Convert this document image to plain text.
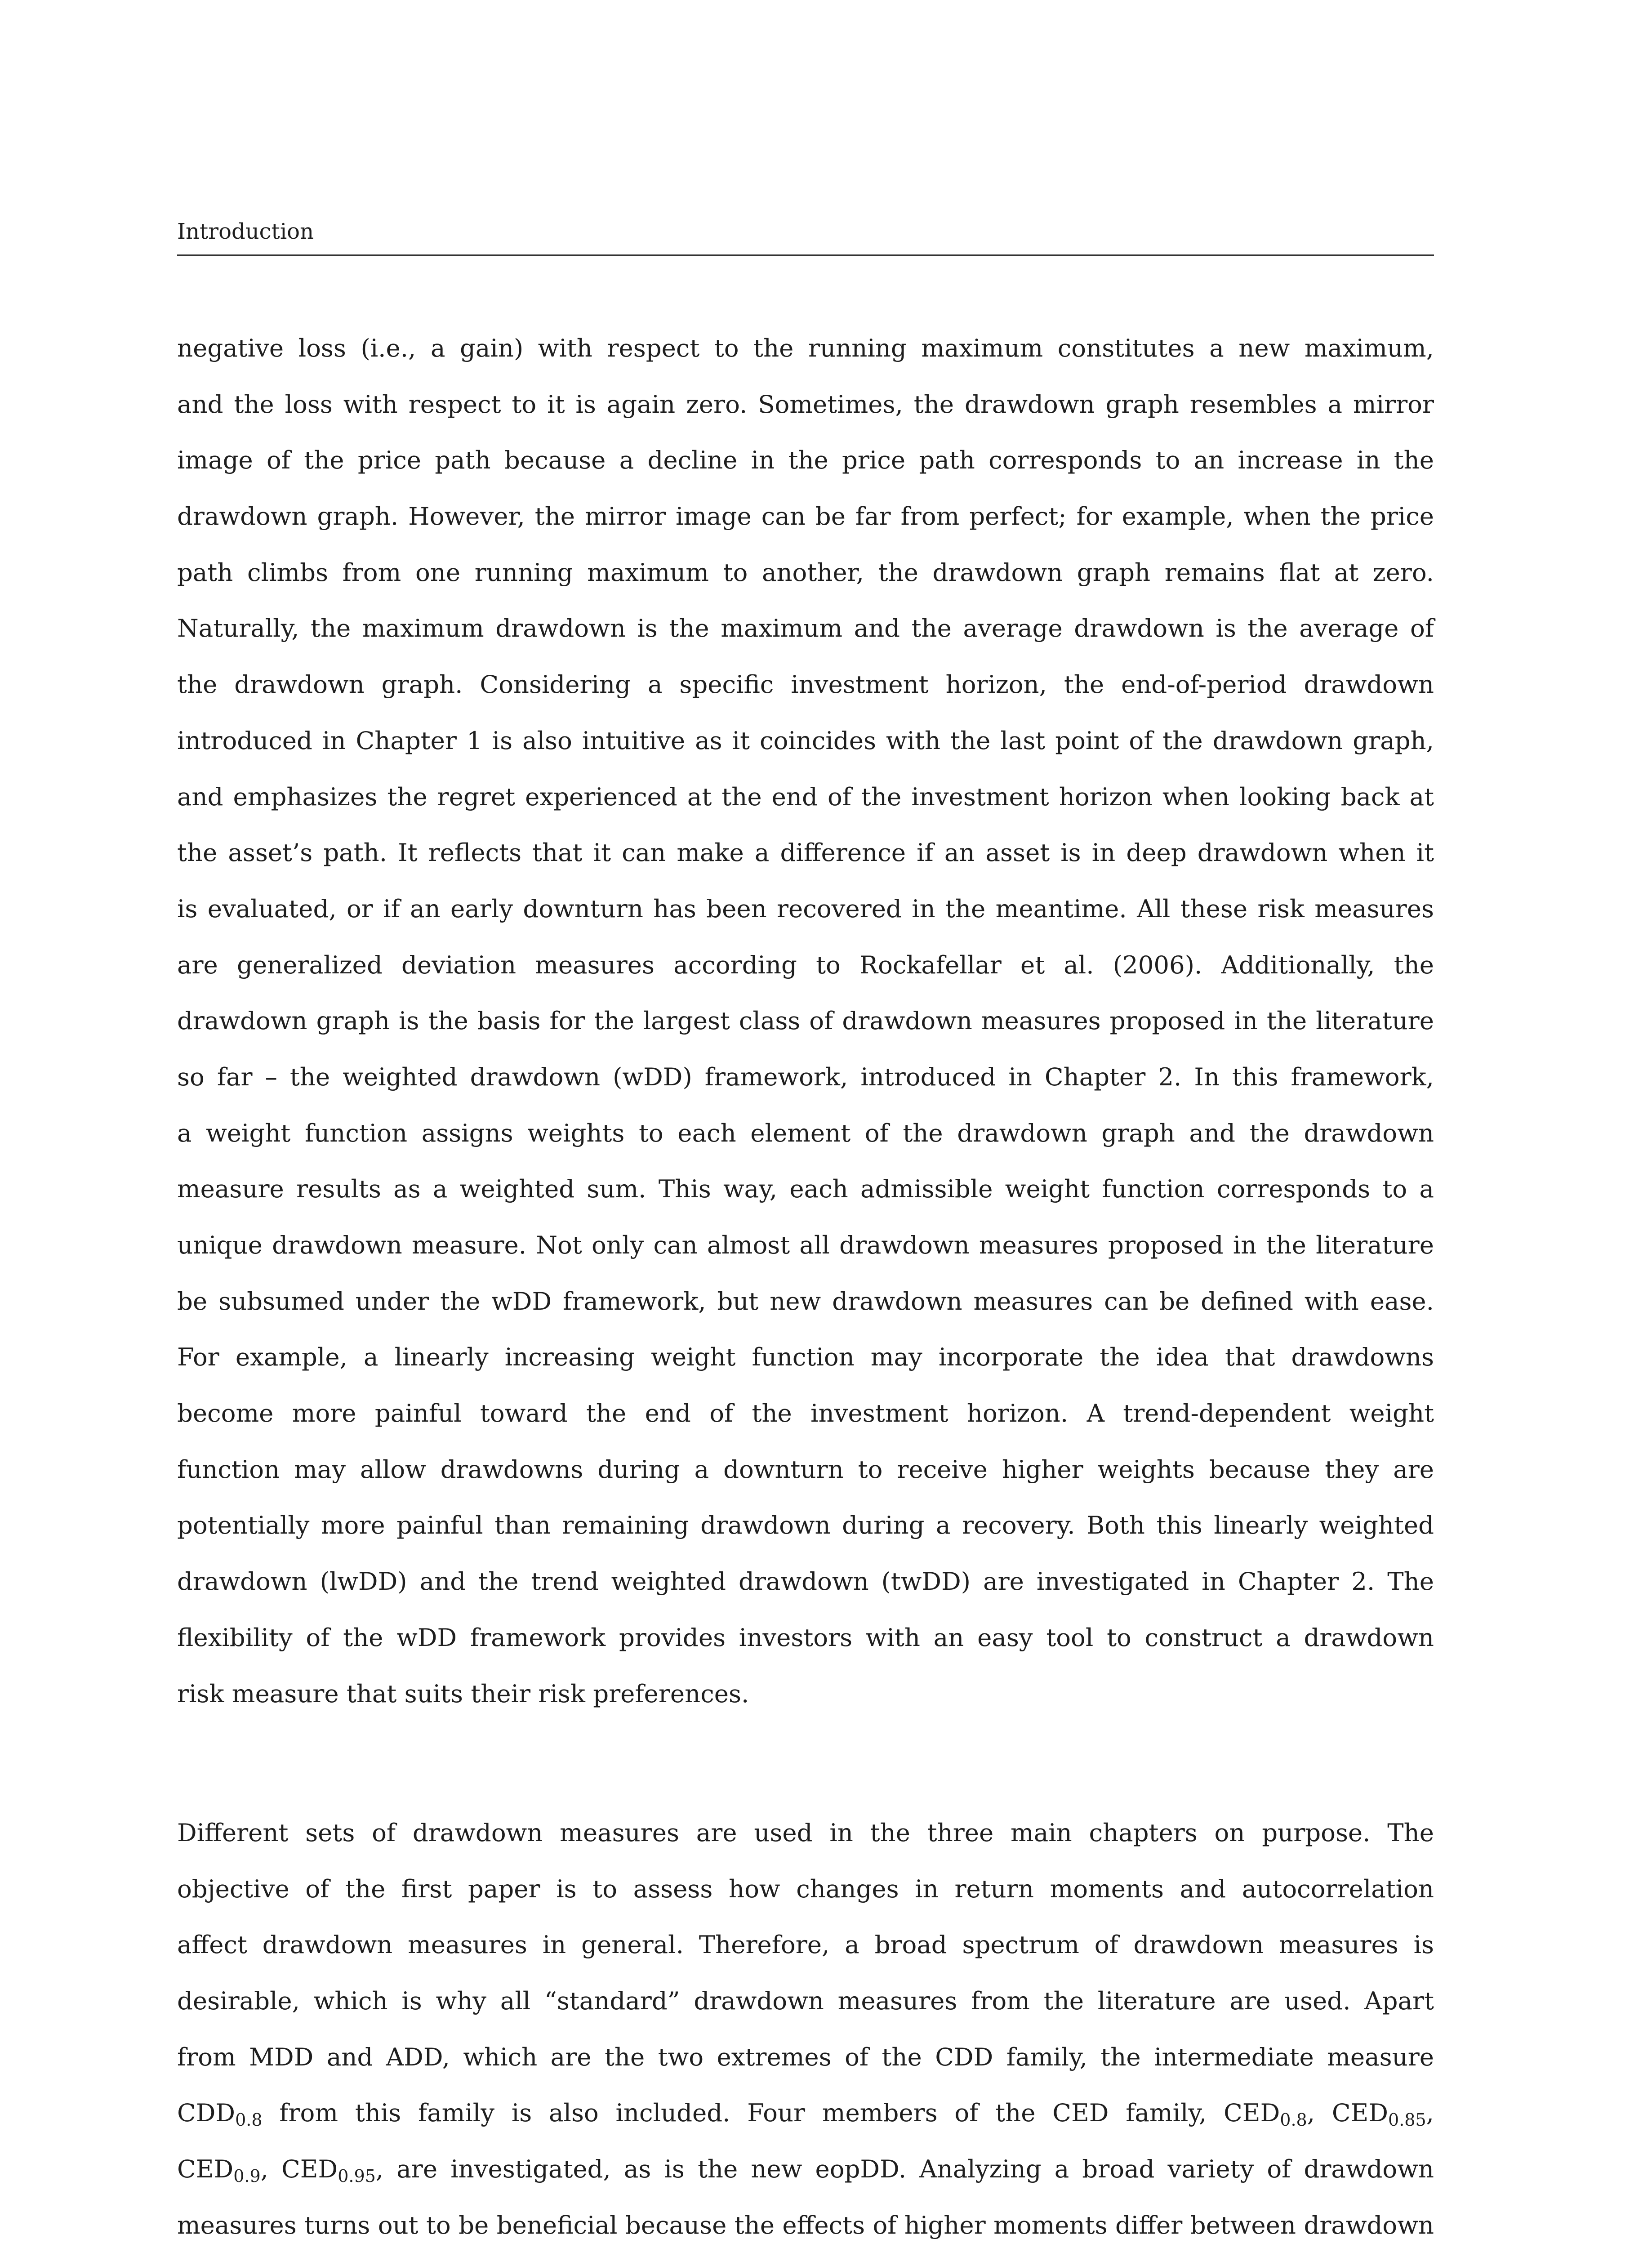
Introduction
negative loss (i.e., a gain) with respect to the running maximum constitutes a new maximum,
and the loss with respect to it is again zero. Sometimes, the drawdown graph resembles a mirror
image of the price path because a decline in the price path corresponds to an increase in the
drawdown graph. However, the mirror image can be far from perfect; for example, when the price
path climbs from one running maximum to another, the drawdown graph remains flat at zero.
Naturally, the maximum drawdown is the maximum and the average drawdown is the average of
the drawdown graph. Considering a specific investment horizon, the end-of-period drawdown
introduced in Chapter 1 is also intuitive as it coincides with the last point of the drawdown graph,
and emphasizes the regret experienced at the end of the investment horizon when looking back at
the asset’s path. It reflects that it can make a difference if an asset is in deep drawdown when it
is evaluated, or if an early downturn has been recovered in the meantime. All these risk measures
are generalized deviation measures according to Rockafellar et al. (2006). Additionally, the
drawdown graph is the basis for the largest class of drawdown measures proposed in the literature
so far – the weighted drawdown (wDD) framework, introduced in Chapter 2. In this framework,
a weight function assigns weights to each element of the drawdown graph and the drawdown
measure results as a weighted sum. This way, each admissible weight function corresponds to a
unique drawdown measure. Not only can almost all drawdown measures proposed in the literature
be subsumed under the wDD framework, but new drawdown measures can be defined with ease.
For example, a linearly increasing weight function may incorporate the idea that drawdowns
become more painful toward the end of the investment horizon. A trend-dependent weight
function may allow drawdowns during a downturn to receive higher weights because they are
potentially more painful than remaining drawdown during a recovery. Both this linearly weighted
drawdown (lwDD) and the trend weighted drawdown (twDD) are investigated in Chapter 2. The
flexibility of the wDD framework provides investors with an easy tool to construct a drawdown
risk measure that suits their risk preferences.
Different sets of drawdown measures are used in the three main chapters on purpose. The
objective of the first paper is to assess how changes in return moments and autocorrelation
affect drawdown measures in general. Therefore, a broad spectrum of drawdown measures is
desirable, which is why all “standard” drawdown measures from the literature are used. Apart
from MDD and ADD, which are the two extremes of the CDD family, the intermediate measure
$CDD_{0.8}$ from this family is also included. Four members of the CED family, $CED_{0.8}$, $CED_{0.85}$,
$CED_{0.9}$, $CED_{0.95}$, are investigated, as is the new eopDD. Analyzing a broad variety of drawdown
measures turns out to be beneficial because the effects of higher moments differ between drawdown
